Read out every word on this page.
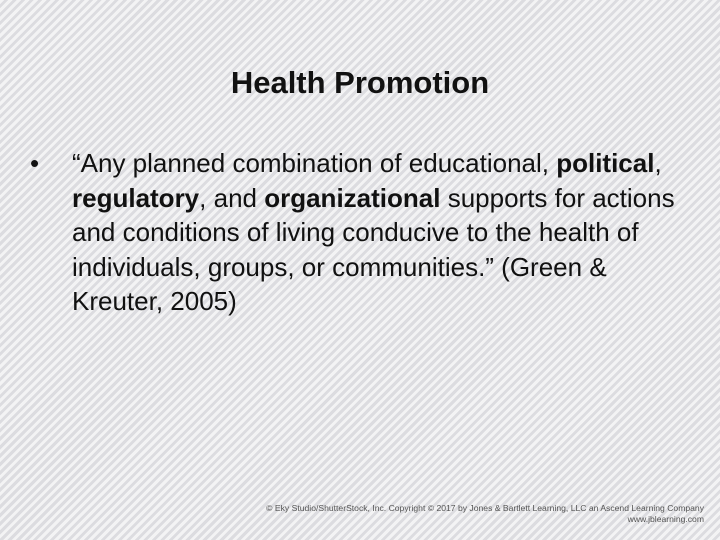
Health Promotion
• “Any planned combination of educational, political, regulatory, and organizational supports for actions and conditions of living conducive to the health of individuals, groups, or communities.” (Green & Kreuter, 2005)
© Eky Studio/ShutterStock, Inc. Copyright © 2017 by Jones & Bartlett Learning, LLC an Ascend Learning Company
www.jblearning.com
